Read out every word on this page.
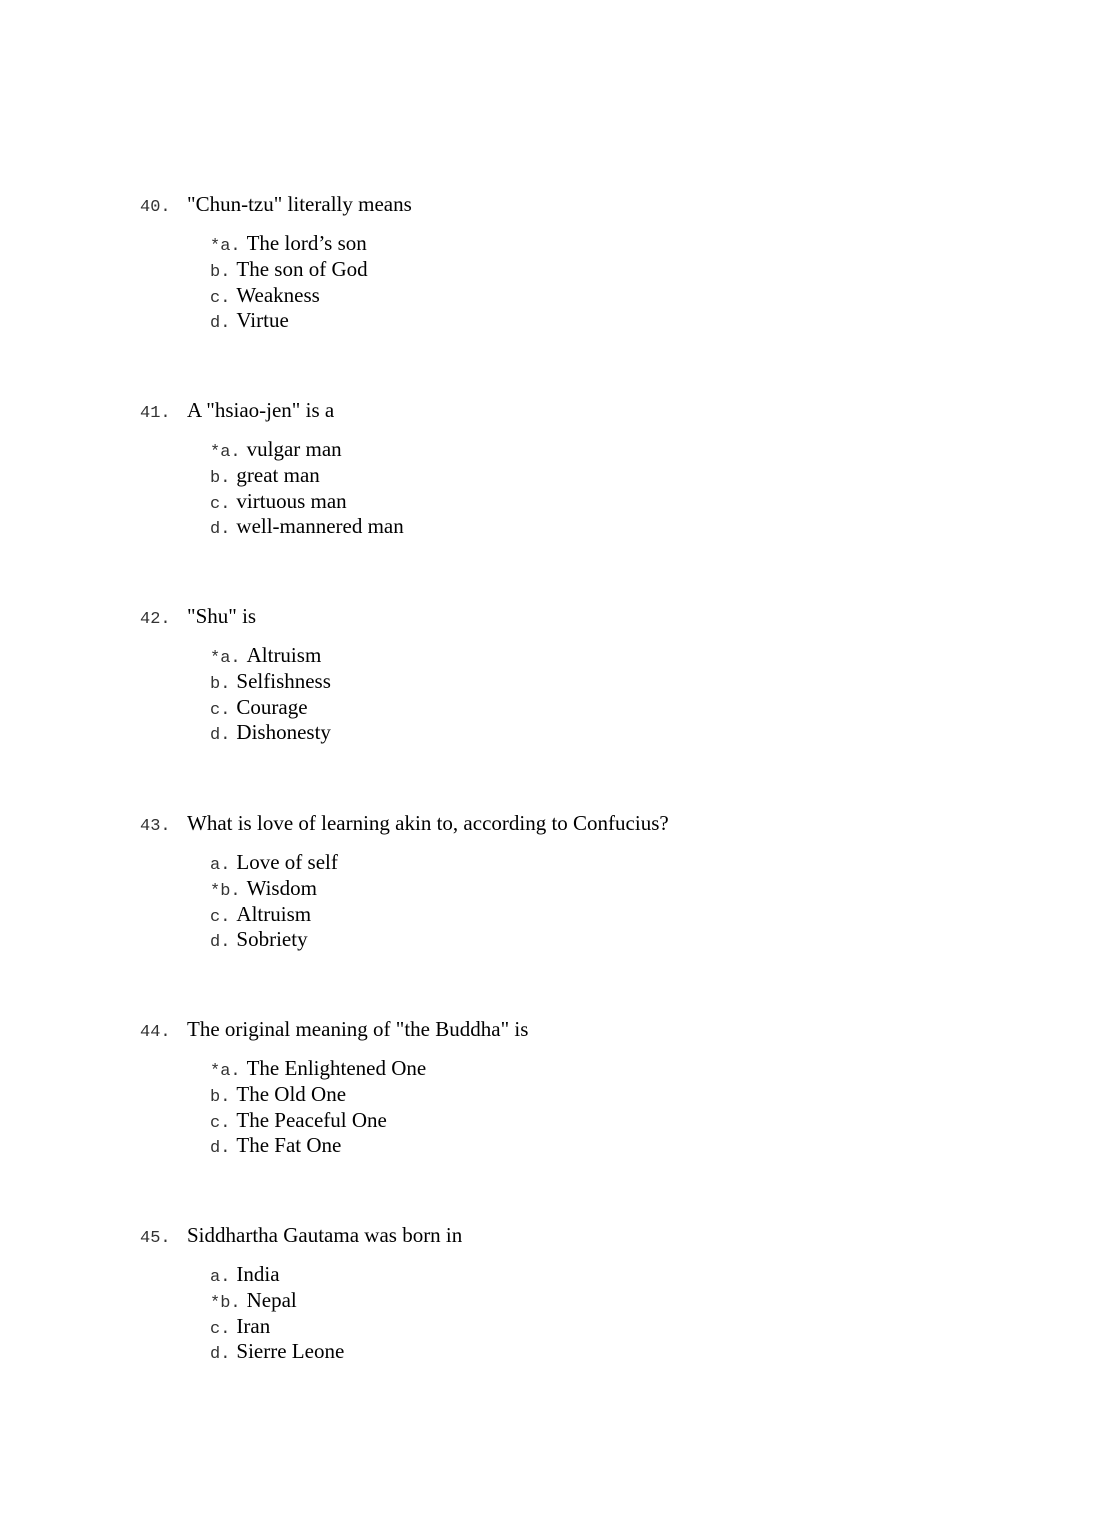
40. "Chun-tzu" literally means
*a. The lord’s son
b. The son of God
c. Weakness
d. Virtue
41. A "hsiao-jen" is a
*a. vulgar man
b. great man
c. virtuous man
d. well-mannered man
42. "Shu" is
*a. Altruism
b. Selfishness
c. Courage
d. Dishonesty
43. What is love of learning akin to, according to Confucius?
a. Love of self
*b. Wisdom
c. Altruism
d. Sobriety
44. The original meaning of "the Buddha" is
*a. The Enlightened One
b. The Old One
c. The Peaceful One
d. The Fat One
45. Siddhartha Gautama was born in
a. India
*b. Nepal
c. Iran
d. Sierre Leone
